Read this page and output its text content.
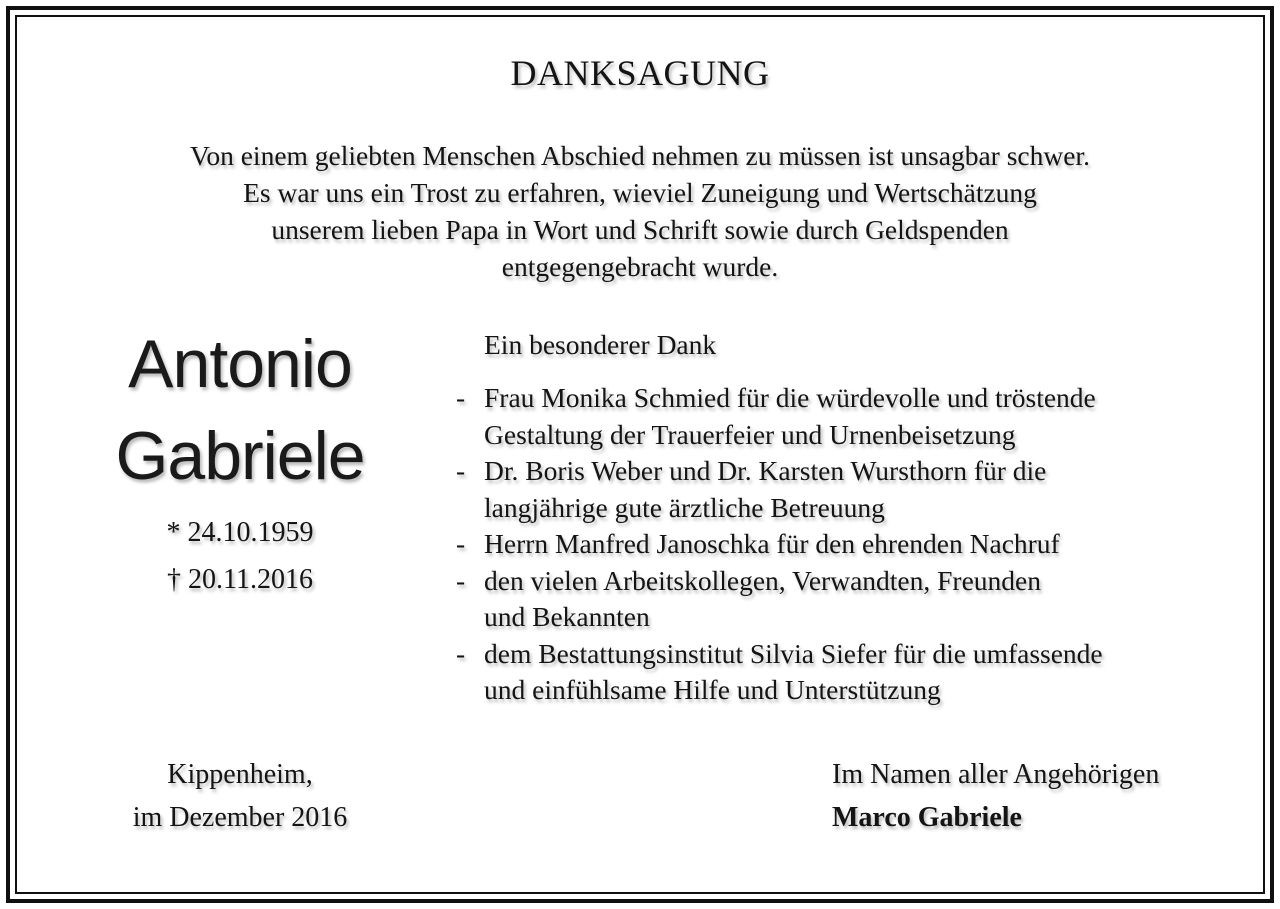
DANKSAGUNG
Von einem geliebten Menschen Abschied nehmen zu müssen ist unsagbar schwer.
Es war uns ein Trost zu erfahren, wieviel Zuneigung und Wertschätzung
unserem lieben Papa in Wort und Schrift sowie durch Geldspenden
entgegengebracht wurde.
Antonio
Gabriele
* 24.10.1959
† 20.11.2016
Ein besonderer Dank
- Frau Monika Schmied für die würdevolle und tröstende
Gestaltung der Trauerfeier und Urnenbeisetzung
- Dr. Boris Weber und Dr. Karsten Wursthorn für die
langjährige gute ärztliche Betreuung
- Herrn Manfred Janoschka für den ehrenden Nachruf
- den vielen Arbeitskollegen, Verwandten, Freunden
und Bekannten
- dem Bestattungsinstitut Silvia Siefer für die umfassende
und einfühlsame Hilfe und Unterstützung
Kippenheim,
im Dezember 2016
Im Namen aller Angehörigen
Marco Gabriele
